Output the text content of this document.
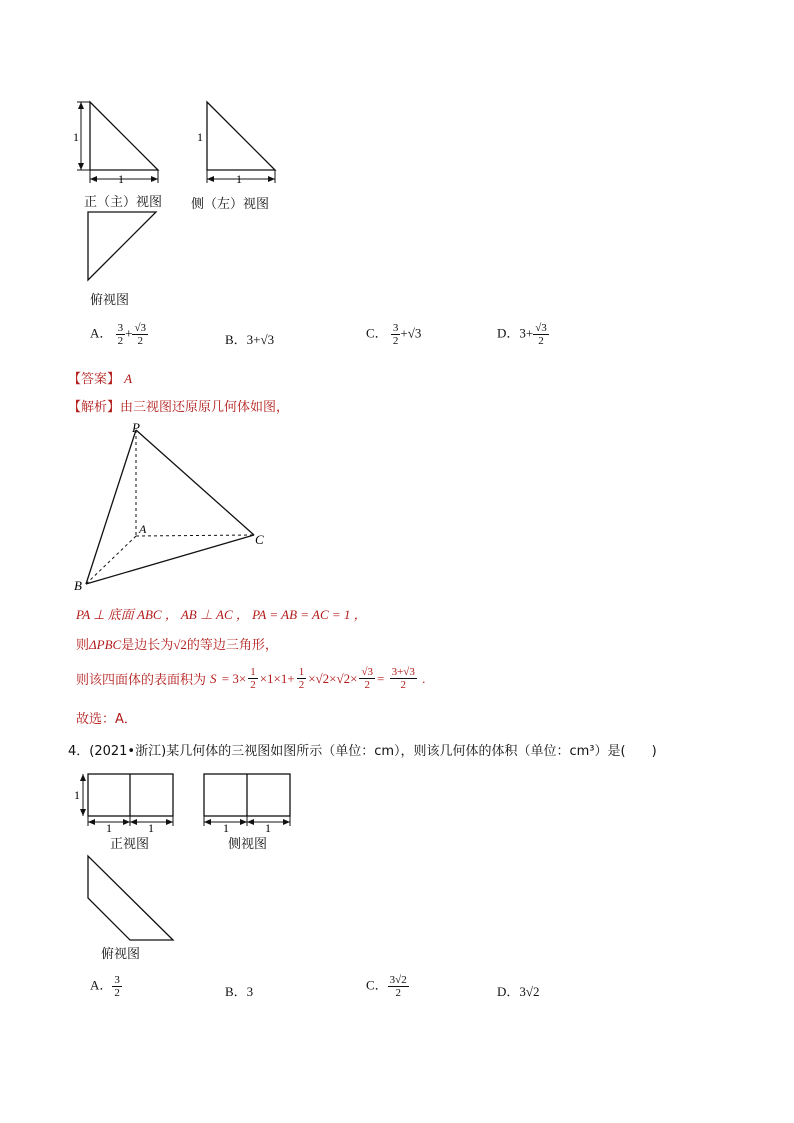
1
1
1
1
正（主）视图 侧（左）视图
俯视图
A． $\frac{3}{2} + \frac{√3}{2}$	B．3+√3	C． $\frac{3}{2} +√3$	D．$3+ \frac{√3}{2}$
【答案】 A
【解析】由三视图还原原几何体如图，
P
A
B
C
PA ⊥ 底面 ABC ， AB ⊥ AC ， PA = AB = AC = 1 ，
则ΔPBC是边长为√2的等边三角形，
则该四面体的表面积为 $S = 3\times \frac{1}{2} \times 1\times 1+ \frac{1}{2} \times√2\times√2\times \frac{√3}{2} = \frac{3+√3}{2}$ .
故选：A．
4．(2021•浙江)某几何体的三视图如图所示（单位：cm），则该几何体的体积（单位：cm³）是(　　)
1
1	1	1	1
正视图	侧视图
俯视图
A． $\frac{3}{2}$	B．3	C． $\frac{3√2}{2}$	D．3√2
